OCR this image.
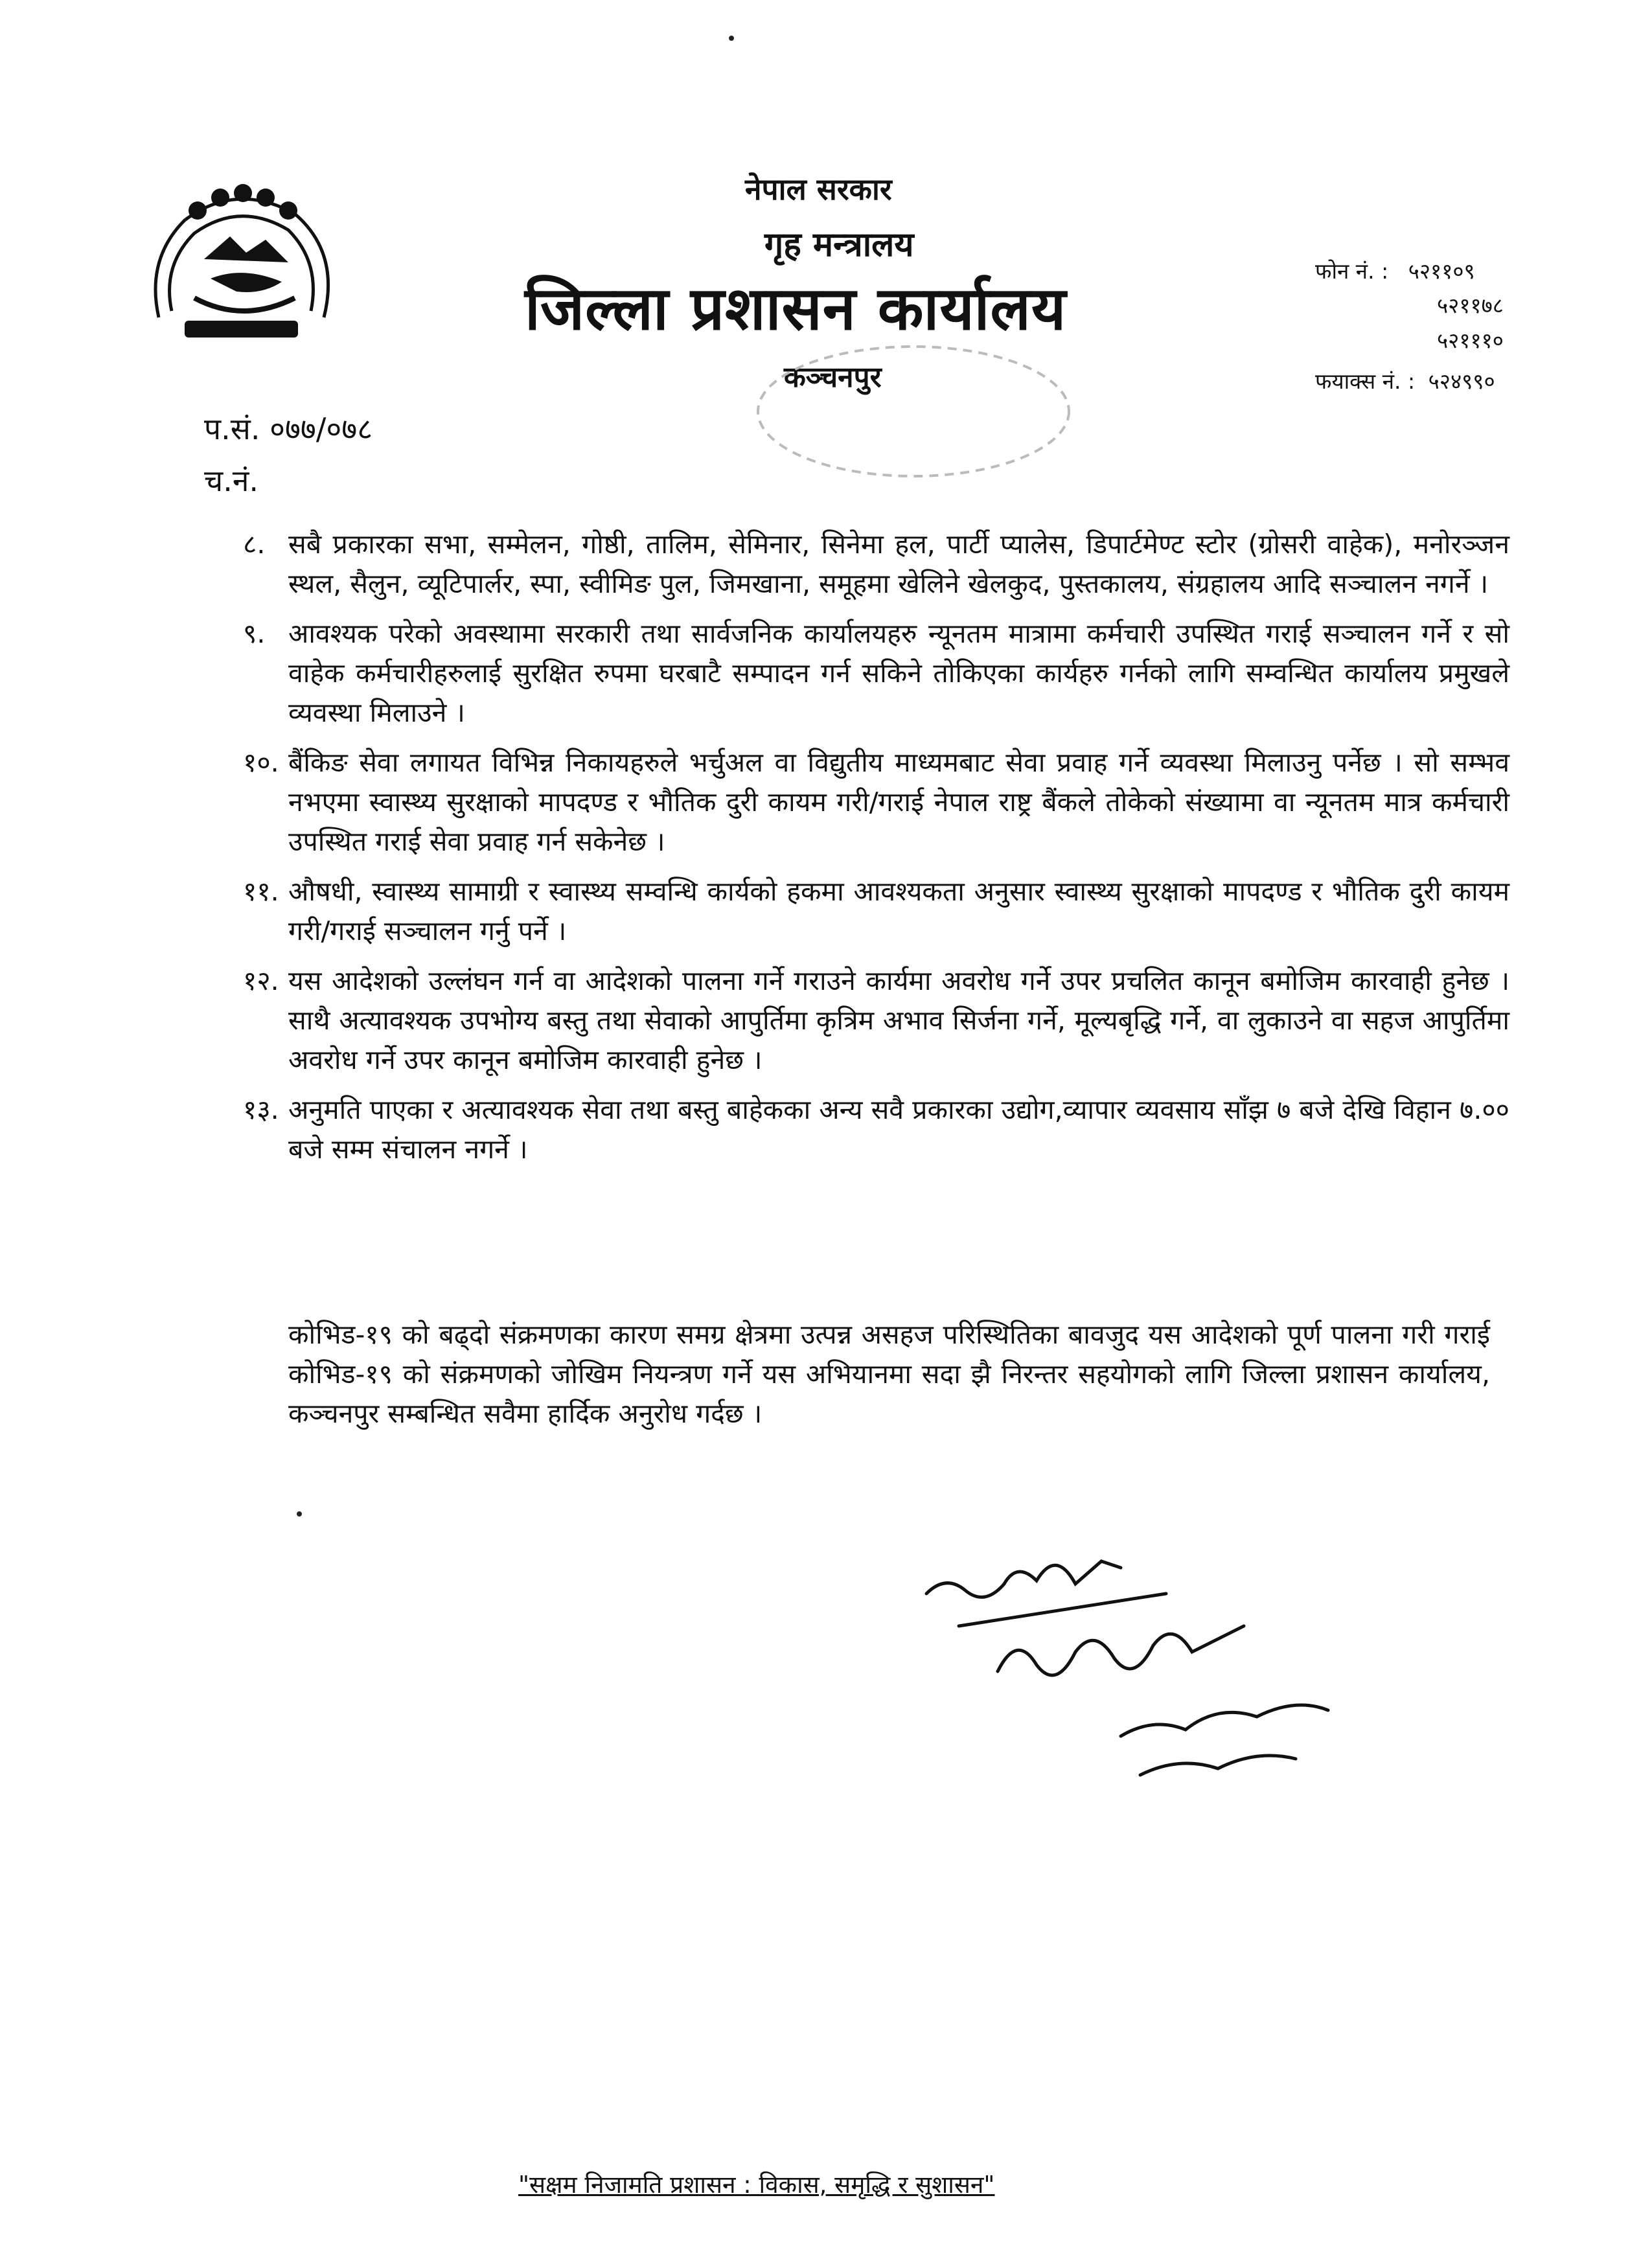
नेपाल सरकार
गृह मन्त्रालय
जिल्ला प्रशासन कार्यालय
कञ्चनपुर
फोन नं. : ५२११०९
५२११७८
५२१११०
फयाक्स नं. : ५२४९९०
प.सं. ०७७/०७८
च.नं.
८. सबै प्रकारका सभा, सम्मेलन, गोष्ठी, तालिम, सेमिनार, सिनेमा हल, पार्टी प्यालेस, डिपार्टमेण्ट स्टोर (ग्रोसरी वाहेक), मनोरञ्जन स्थल, सैलुन, व्यूटिपार्लर, स्पा, स्वीमिङ पुल, जिमखाना, समूहमा खेलिने खेलकुद, पुस्तकालय, संग्रहालय आदि सञ्चालन नगर्ने ।
९. आवश्यक परेको अवस्थामा सरकारी तथा सार्वजनिक कार्यालयहरु न्यूनतम मात्रामा कर्मचारी उपस्थित गराई सञ्चालन गर्ने र सो वाहेक कर्मचारीहरुलाई सुरक्षित रुपमा घरबाटै सम्पादन गर्न सकिने तोकिएका कार्यहरु गर्नको लागि सम्वन्धित कार्यालय प्रमुखले व्यवस्था मिलाउने ।
१०. बैंकिङ सेवा लगायत विभिन्न निकायहरुले भर्चुअल वा विद्युतीय माध्यमबाट सेवा प्रवाह गर्ने व्यवस्था मिलाउनु पर्नेछ । सो सम्भव नभएमा स्वास्थ्य सुरक्षाको मापदण्ड र भौतिक दुरी कायम गरी/गराई नेपाल राष्ट्र बैंकले तोकेको संख्यामा वा न्यूनतम मात्र कर्मचारी उपस्थित गराई सेवा प्रवाह गर्न सकेनेछ ।
११. औषधी, स्वास्थ्य सामाग्री र स्वास्थ्य सम्वन्धि कार्यको हकमा आवश्यकता अनुसार स्वास्थ्य सुरक्षाको मापदण्ड र भौतिक दुरी कायम गरी/गराई सञ्चालन गर्नु पर्ने ।
१२. यस आदेशको उल्लंघन गर्न वा आदेशको पालना गर्ने गराउने कार्यमा अवरोध गर्ने उपर प्रचलित कानून बमोजिम कारवाही हुनेछ । साथै अत्यावश्यक उपभोग्य बस्तु तथा सेवाको आपुर्तिमा कृत्रिम अभाव सिर्जना गर्ने, मूल्यबृद्धि गर्ने, वा लुकाउने वा सहज आपुर्तिमा अवरोध गर्ने उपर कानून बमोजिम कारवाही हुनेछ ।
१३. अनुमति पाएका र अत्यावश्यक सेवा तथा बस्तु बाहेकका अन्य सवै प्रकारका उद्योग,व्यापार व्यवसाय साँझ ७ बजे देखि विहान ७.०० बजे सम्म संचालन नगर्ने ।
कोभिड-१९ को बढ्दो संक्रमणका कारण समग्र क्षेत्रमा उत्पन्न असहज परिस्थितिका बावजुद यस आदेशको पूर्ण पालना गरी गराई कोभिड-१९ को संक्रमणको जोखिम नियन्त्रण गर्ने यस अभियानमा सदा झै निरन्तर सहयोगको लागि जिल्ला प्रशासन कार्यालय, कञ्चनपुर सम्बन्धित सवैमा हार्दिक अनुरोध गर्दछ ।
"सक्षम निजामति प्रशासन : विकास, समृद्धि र सुशासन"
